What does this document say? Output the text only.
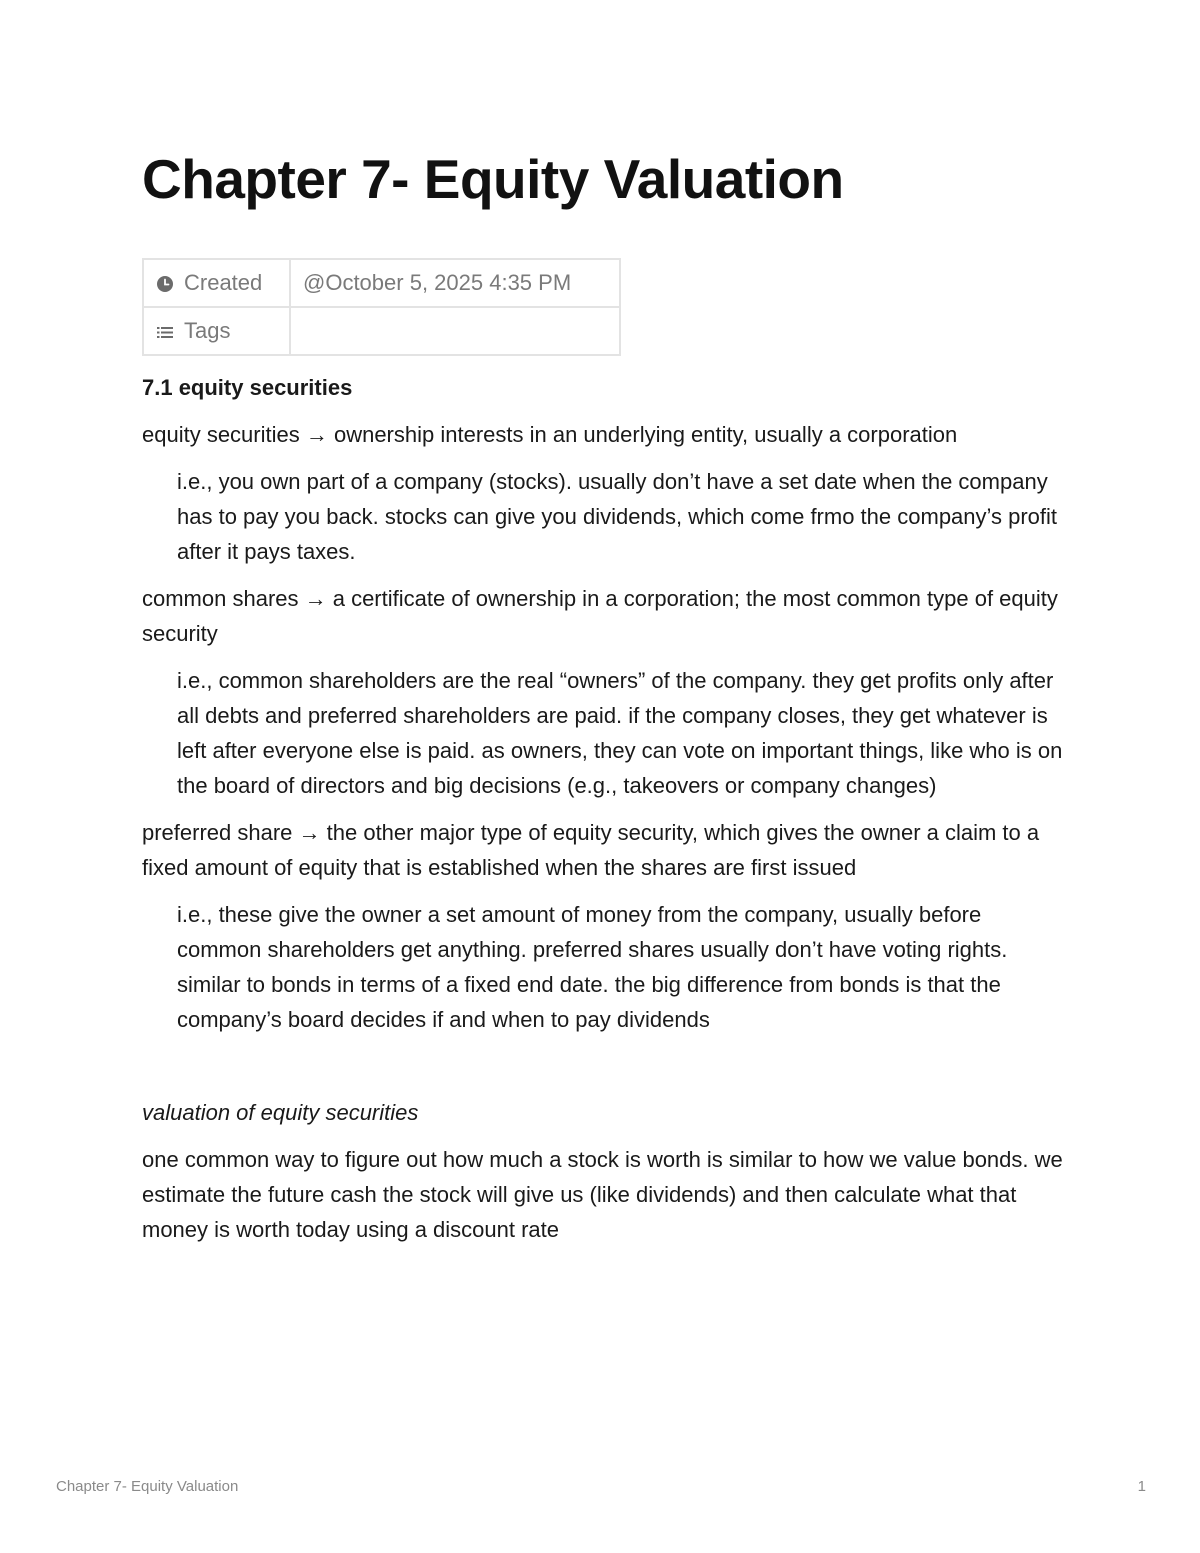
Chapter 7- Equity Valuation
Created	@October 5, 2025 4:35 PM
Tags	
7.1 equity securities

equity securities → ownership interests in an underlying entity, usually a corporation

i.e., you own part of a company (stocks). usually don’t have a set date when the company has to pay you back. stocks can give you dividends, which come frmo the company’s profit after it pays taxes.

common shares → a certificate of ownership in a corporation; the most common type of equity security

i.e., common shareholders are the real “owners” of the company. they get profits only after all debts and preferred shareholders are paid. if the company closes, they get whatever is left after everyone else is paid. as owners, they can vote on important things, like who is on the board of directors and big decisions (e.g., takeovers or company changes)

preferred share → the other major type of equity security, which gives the owner a claim to a fixed amount of equity that is established when the shares are first issued

i.e., these give the owner a set amount of money from the company, usually before common shareholders get anything. preferred shares usually don’t have voting rights. similar to bonds in terms of a fixed end date. the big difference from bonds is that the company’s board decides if and when to pay dividends

valuation of equity securities

one common way to figure out how much a stock is worth is similar to how we value bonds. we estimate the future cash the stock will give us (like dividends) and then calculate what that money is worth today using a discount rate

Chapter 7- Equity Valuation	1
